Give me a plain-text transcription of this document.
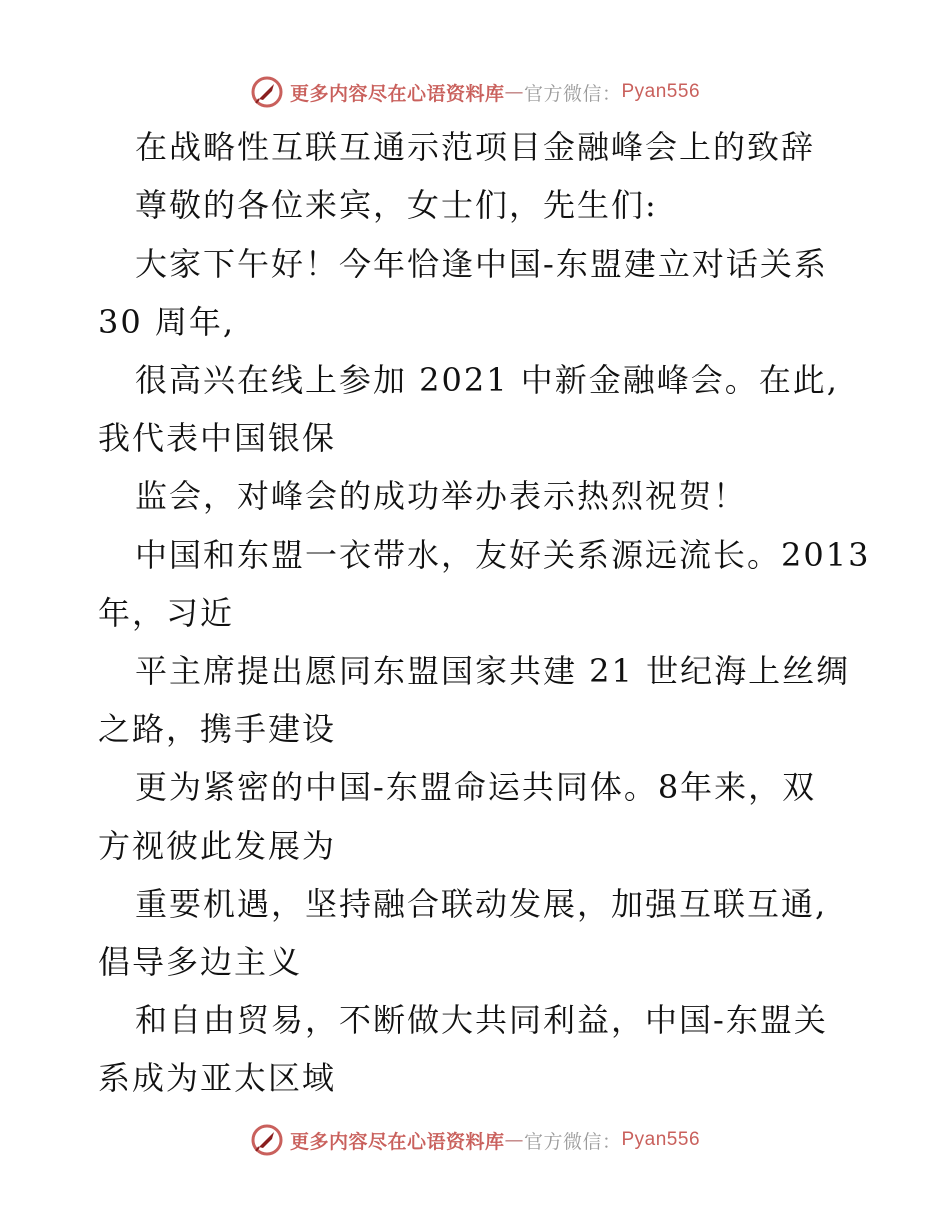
更多内容尽在心语资料库 — 官方微信： Pyan556
在战略性互联互通示范项目金融峰会上的致辞
尊敬的各位来宾，女士们，先生们:
大家下午好！今年恰逢中国-东盟建立对话关系
30 周年,
很高兴在线上参加 2021 中新金融峰会。在此,
我代表中国银保
监会，对峰会的成功举办表示热烈祝贺！
中国和东盟一衣带水，友好关系源远流长。2013
年，习近
平主席提出愿同东盟国家共建 21 世纪海上丝绸
之路，携手建设
更为紧密的中国-东盟命运共同体。8年来，双
方视彼此发展为
重要机遇，坚持融合联动发展，加强互联互通,
倡导多边主义
和自由贸易，不断做大共同利益，中国-东盟关
系成为亚太区域
更多内容尽在心语资料库 — 官方微信： Pyan556
